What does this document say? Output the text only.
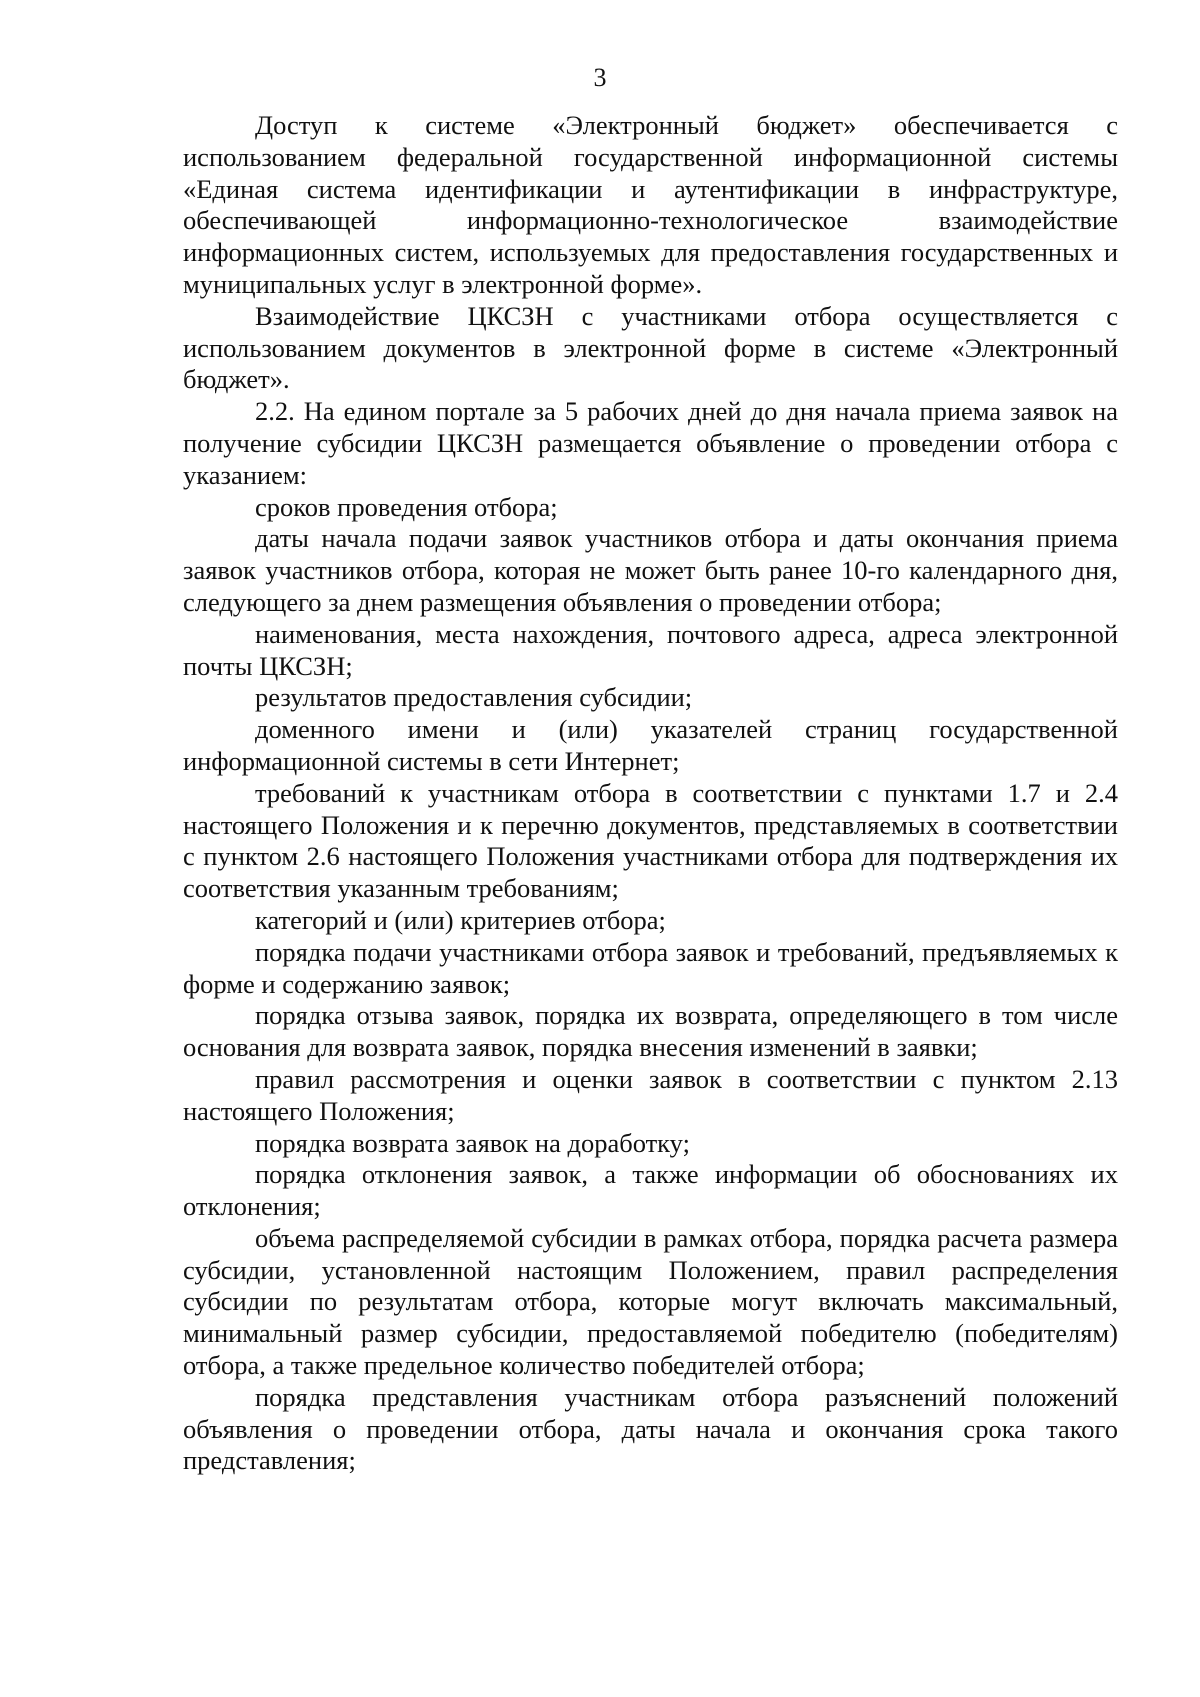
3

Доступ к системе «Электронный бюджет» обеспечивается с использованием федеральной государственной информационной системы «Единая система идентификации и аутентификации в инфраструктуре, обеспечивающей информационно-технологическое взаимодействие информационных систем, используемых для предоставления государственных и муниципальных услуг в электронной форме».

Взаимодействие ЦКСЗН с участниками отбора осуществляется с использованием документов в электронной форме в системе «Электронный бюджет».

2.2. На едином портале за 5 рабочих дней до дня начала приема заявок на получение субсидии ЦКСЗН размещается объявление о проведении отбора с указанием:

сроков проведения отбора;

даты начала подачи заявок участников отбора и даты окончания приема заявок участников отбора, которая не может быть ранее 10-го календарного дня, следующего за днем размещения объявления о проведении отбора;

наименования, места нахождения, почтового адреса, адреса электронной почты ЦКСЗН;

результатов предоставления субсидии;

доменного имени и (или) указателей страниц государственной информационной системы в сети Интернет;

требований к участникам отбора в соответствии с пунктами 1.7 и 2.4 настоящего Положения и к перечню документов, представляемых в соответствии с пунктом 2.6 настоящего Положения участниками отбора для подтверждения их соответствия указанным требованиям;

категорий и (или) критериев отбора;

порядка подачи участниками отбора заявок и требований, предъявляемых к форме и содержанию заявок;

порядка отзыва заявок, порядка их возврата, определяющего в том числе основания для возврата заявок, порядка внесения изменений в заявки;

правил рассмотрения и оценки заявок в соответствии с пунктом 2.13 настоящего Положения;

порядка возврата заявок на доработку;

порядка отклонения заявок, а также информации об обоснованиях их отклонения;

объема распределяемой субсидии в рамках отбора, порядка расчета размера субсидии, установленной настоящим Положением, правил распределения субсидии по результатам отбора, которые могут включать максимальный, минимальный размер субсидии, предоставляемой победителю (победителям) отбора, а также предельное количество победителей отбора;

порядка представления участникам отбора разъяснений положений объявления о проведении отбора, даты начала и окончания срока такого представления;
